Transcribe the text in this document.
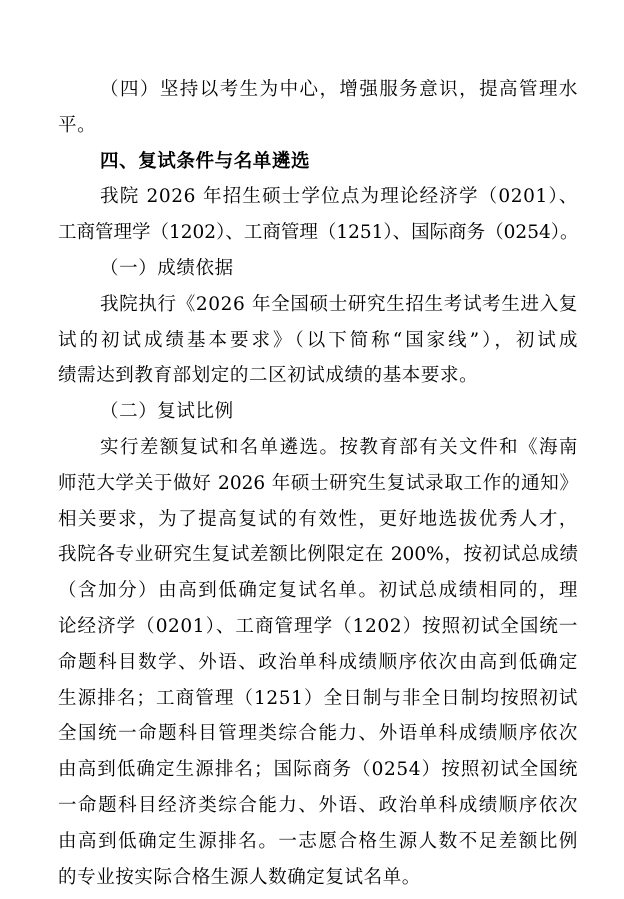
（四）坚持以考生为中心，增强服务意识，提高管理水
平。
四、复试条件与名单遴选
我院 2026 年招生硕士学位点为理论经济学（0201）、
工商管理学（1202）、工商管理（1251）、国际商务（0254）。
（一）成绩依据
我院执行《2026 年全国硕士研究生招生考试考生进入复
试的初试成绩基本要求》（以下简称“国家线”），初试成
绩需达到教育部划定的二区初试成绩的基本要求。
（二）复试比例
实行差额复试和名单遴选。按教育部有关文件和《海南
师范大学关于做好 2026 年硕士研究生复试录取工作的通知》
相关要求，为了提高复试的有效性，更好地选拔优秀人才，
我院各专业研究生复试差额比例限定在 200%，按初试总成绩
（含加分）由高到低确定复试名单。初试总成绩相同的，理
论经济学（0201）、工商管理学（1202）按照初试全国统一
命题科目数学、外语、政治单科成绩顺序依次由高到低确定
生源排名；工商管理（1251）全日制与非全日制均按照初试
全国统一命题科目管理类综合能力、外语单科成绩顺序依次
由高到低确定生源排名；国际商务（0254）按照初试全国统
一命题科目经济类综合能力、外语、政治单科成绩顺序依次
由高到低确定生源排名。一志愿合格生源人数不足差额比例
的专业按实际合格生源人数确定复试名单。
